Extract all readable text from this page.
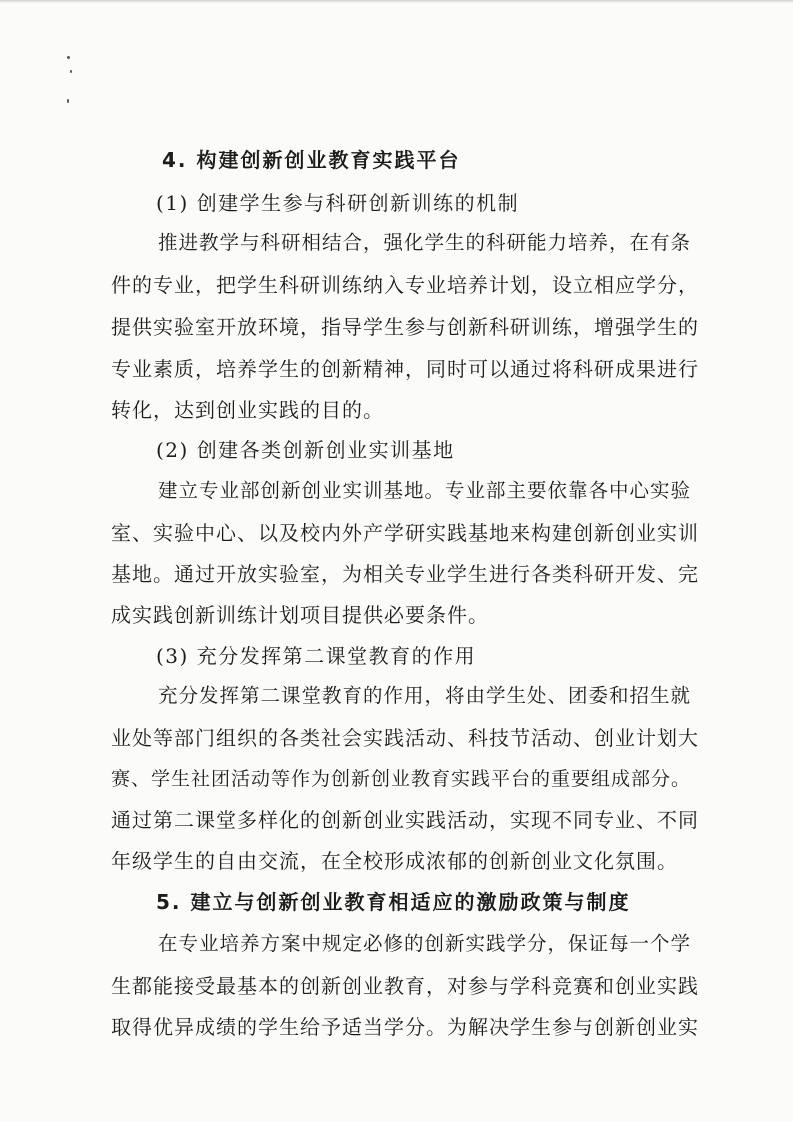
4. 构建创新创业教育实践平台

(1) 创建学生参与科研创新训练的机制

推进教学与科研相结合，强化学生的科研能力培养，在有条

件的专业，把学生科研训练纳入专业培养计划，设立相应学分，

提供实验室开放环境，指导学生参与创新科研训练，增强学生的

专业素质，培养学生的创新精神，同时可以通过将科研成果进行

转化，达到创业实践的目的。

(2) 创建各类创新创业实训基地

建立专业部创新创业实训基地。专业部主要依靠各中心实验

室、实验中心、以及校内外产学研实践基地来构建创新创业实训

基地。通过开放实验室，为相关专业学生进行各类科研开发、完

成实践创新训练计划项目提供必要条件。

(3) 充分发挥第二课堂教育的作用

充分发挥第二课堂教育的作用，将由学生处、团委和招生就

业处等部门组织的各类社会实践活动、科技节活动、创业计划大

赛、学生社团活动等作为创新创业教育实践平台的重要组成部分。

通过第二课堂多样化的创新创业实践活动，实现不同专业、不同

年级学生的自由交流，在全校形成浓郁的创新创业文化氛围。

5. 建立与创新创业教育相适应的激励政策与制度

在专业培养方案中规定必修的创新实践学分，保证每一个学

生都能接受最基本的创新创业教育，对参与学科竞赛和创业实践

取得优异成绩的学生给予适当学分。为解决学生参与创新创业实
